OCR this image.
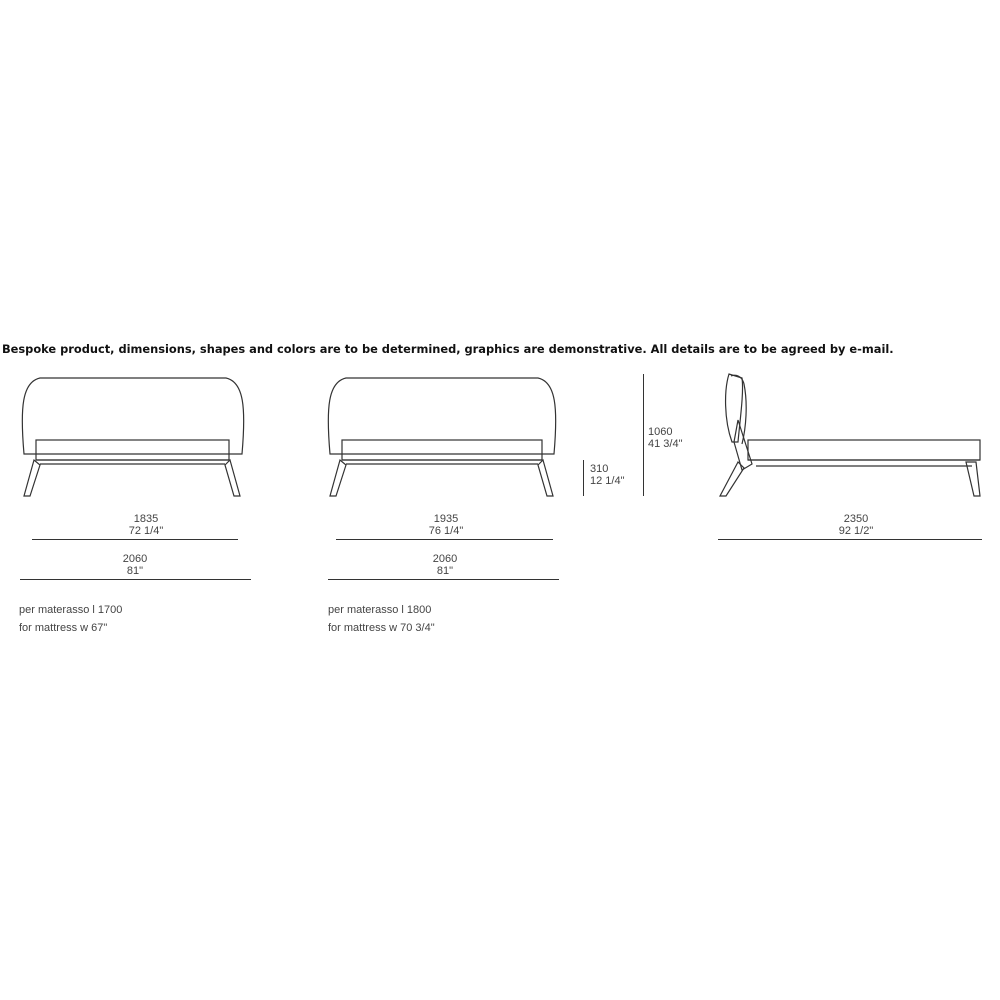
Bespoke product, dimensions, shapes and colors are to be determined, graphics are demonstrative. All details are to be agreed by e-mail.
310
12 1/4"
1060
41 3/4"
1835
72 1/4"
2060
81"
per materasso l 1700
for mattress w 67"
1935
76 1/4"
2060
81"
per materasso l 1800
for mattress w 70 3/4"
2350
92 1/2"
